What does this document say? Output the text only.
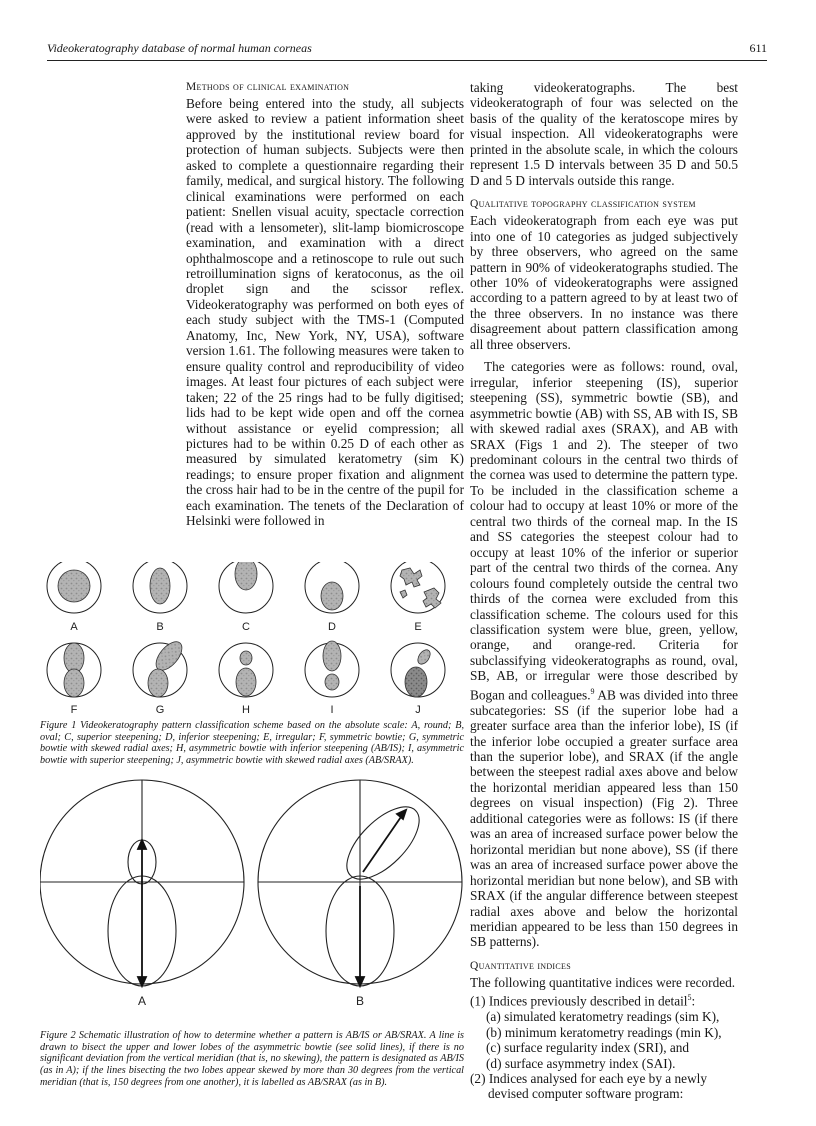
Videokeratography database of normal human corneas	611
Methods of clinical examination

Before being entered into the study, all subjects were asked to review a patient information sheet approved by the institutional review board for protection of human subjects. Subjects were then asked to complete a questionnaire regarding their family, medical, and surgical history. The following clinical examinations were performed on each patient: Snellen visual acuity, spectacle correction (read with a lensometer), slit-lamp biomicroscope examination, and examination with a direct ophthalmoscope and a retinoscope to rule out such retroillumination signs of keratoconus, as the oil droplet sign and the scissor reflex. Videokeratography was performed on both eyes of each study subject with the TMS-1 (Computed Anatomy, Inc, New York, NY, USA), software version 1.61. The following measures were taken to ensure quality control and reproducibility of video images. At least four pictures of each subject were taken; 22 of the 25 rings had to be fully digitised; lids had to be kept wide open and off the cornea without assistance or eyelid compression; all pictures had to be within 0.25 D of each other as measured by simulated keratometry (sim K) readings; to ensure proper fixation and alignment the cross hair had to be in the centre of the pupil for each examination. The tenets of the Declaration of Helsinki were followed in

A	B	C	D	E
F	G	H	I	J
Figure 1 Videokeratography pattern classification scheme based on the absolute scale: A, round; B, oval; C, superior steepening; D, inferior steepening; E, irregular; F, symmetric bowtie; G, symmetric bowtie with skewed radial axes; H, asymmetric bowtie with inferior steepening (AB/IS); I, asymmetric bowtie with superior steepening; J, asymmetric bowtie with skewed radial axes (AB/SRAX).
A	B
Figure 2 Schematic illustration of how to determine whether a pattern is AB/IS or AB/SRAX. A line is drawn to bisect the upper and lower lobes of the asymmetric bowtie (see solid lines), if there is no significant deviation from the vertical meridian (that is, no skewing), the pattern is designated as AB/IS (as in A); if the lines bisecting the two lobes appear skewed by more than 30 degrees from the vertical meridian (that is, 150 degrees from one another), it is labelled as AB/SRAX (as in B).

taking videokeratographs. The best videokeratograph of four was selected on the basis of the quality of the keratoscope mires by visual inspection. All videokeratographs were printed in the absolute scale, in which the colours represent 1.5 D intervals between 35 D and 50.5 D and 5 D intervals outside this range.

Qualitative topography classification system

Each videokeratograph from each eye was put into one of 10 categories as judged subjectively by three observers, who agreed on the same pattern in 90% of videokeratographs studied. The other 10% of videokeratographs were assigned according to a pattern agreed to by at least two of the three observers. In no instance was there disagreement about pattern classification among all three observers.

The categories were as follows: round, oval, irregular, inferior steepening (IS), superior steepening (SS), symmetric bowtie (SB), and asymmetric bowtie (AB) with SS, AB with IS, SB with skewed radial axes (SRAX), and AB with SRAX (Figs 1 and 2). The steeper of two predominant colours in the central two thirds of the cornea was used to determine the pattern type. To be included in the classification scheme a colour had to occupy at least 10% or more of the central two thirds of the corneal map. In the IS and SS categories the steepest colour had to occupy at least 10% of the inferior or superior part of the central two thirds of the cornea. Any colours found completely outside the central two thirds of the cornea were excluded from this classification scheme. The colours used for this classification system were blue, green, yellow, orange, and orange-red. Criteria for subclassifying videokeratographs as round, oval, SB, AB, or irregular were those described by Bogan and colleagues.$^9$ AB was divided into three subcategories: SS (if the superior lobe had a greater surface area than the inferior lobe), IS (if the inferior lobe occupied a greater surface area than the superior lobe), and SRAX (if the angle between the steepest radial axes above and below the horizontal meridian appeared less than 150 degrees on visual inspection) (Fig 2). Three additional categories were as follows: IS (if there was an area of increased surface power below the horizontal meridian but none above), SS (if there was an area of increased surface power above the horizontal meridian but none below), and SB with SRAX (if the angular difference between steepest radial axes above and below the horizontal meridian appeared to be less than 150 degrees in SB patterns).

Quantitative indices

The following quantitative indices were recorded.

(1) Indices previously described in detail$^5$:

(a) simulated keratometry readings (sim K),
(b) minimum keratometry readings (min K),
(c) surface regularity index (SRI), and
(d) surface asymmetry index (SAI).

(2) Indices analysed for each eye by a newly devised computer software program:
